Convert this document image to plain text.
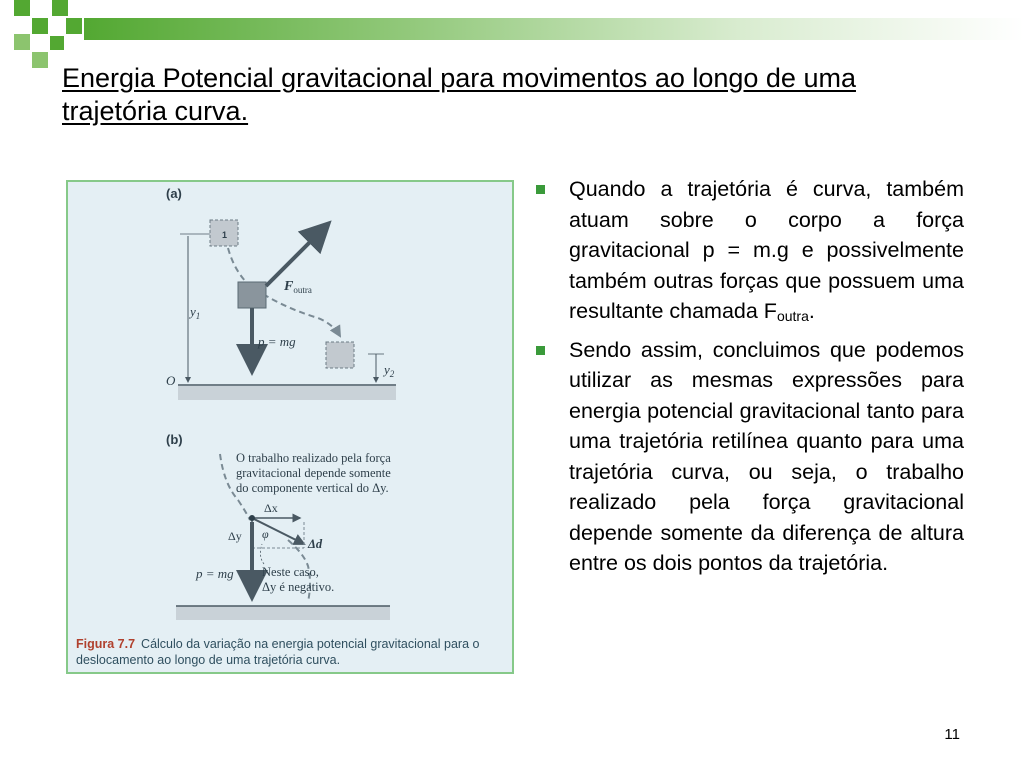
Energia Potencial gravitacional para movimentos ao longo de uma trajetória curva.
(a)
O
$y_1$
1
$F_{outra}$
p = mg
$y_2$
(b)
O trabalho realizado pela força gravitacional depende somente do componente vertical do Δy.
Δx
Δd
Δy φ
p = mg Neste caso, Δy é negativo.
Figura 7.7 Cálculo da variação na energia potencial gravitacional para o deslocamento ao longo de uma trajetória curva.
Quando a trajetória é curva, também atuam sobre o corpo a força gravitacional p = m.g e possivelmente também outras forças que possuem uma resultante chamada $F_{outra}$.
Sendo assim, concluimos que podemos utilizar as mesmas expressões para energia potencial gravitacional tanto para uma trajetória retilínea quanto para uma trajetória curva, ou seja, o trabalho realizado pela força gravitacional depende somente da diferença de altura entre os dois pontos da trajetória.
11
